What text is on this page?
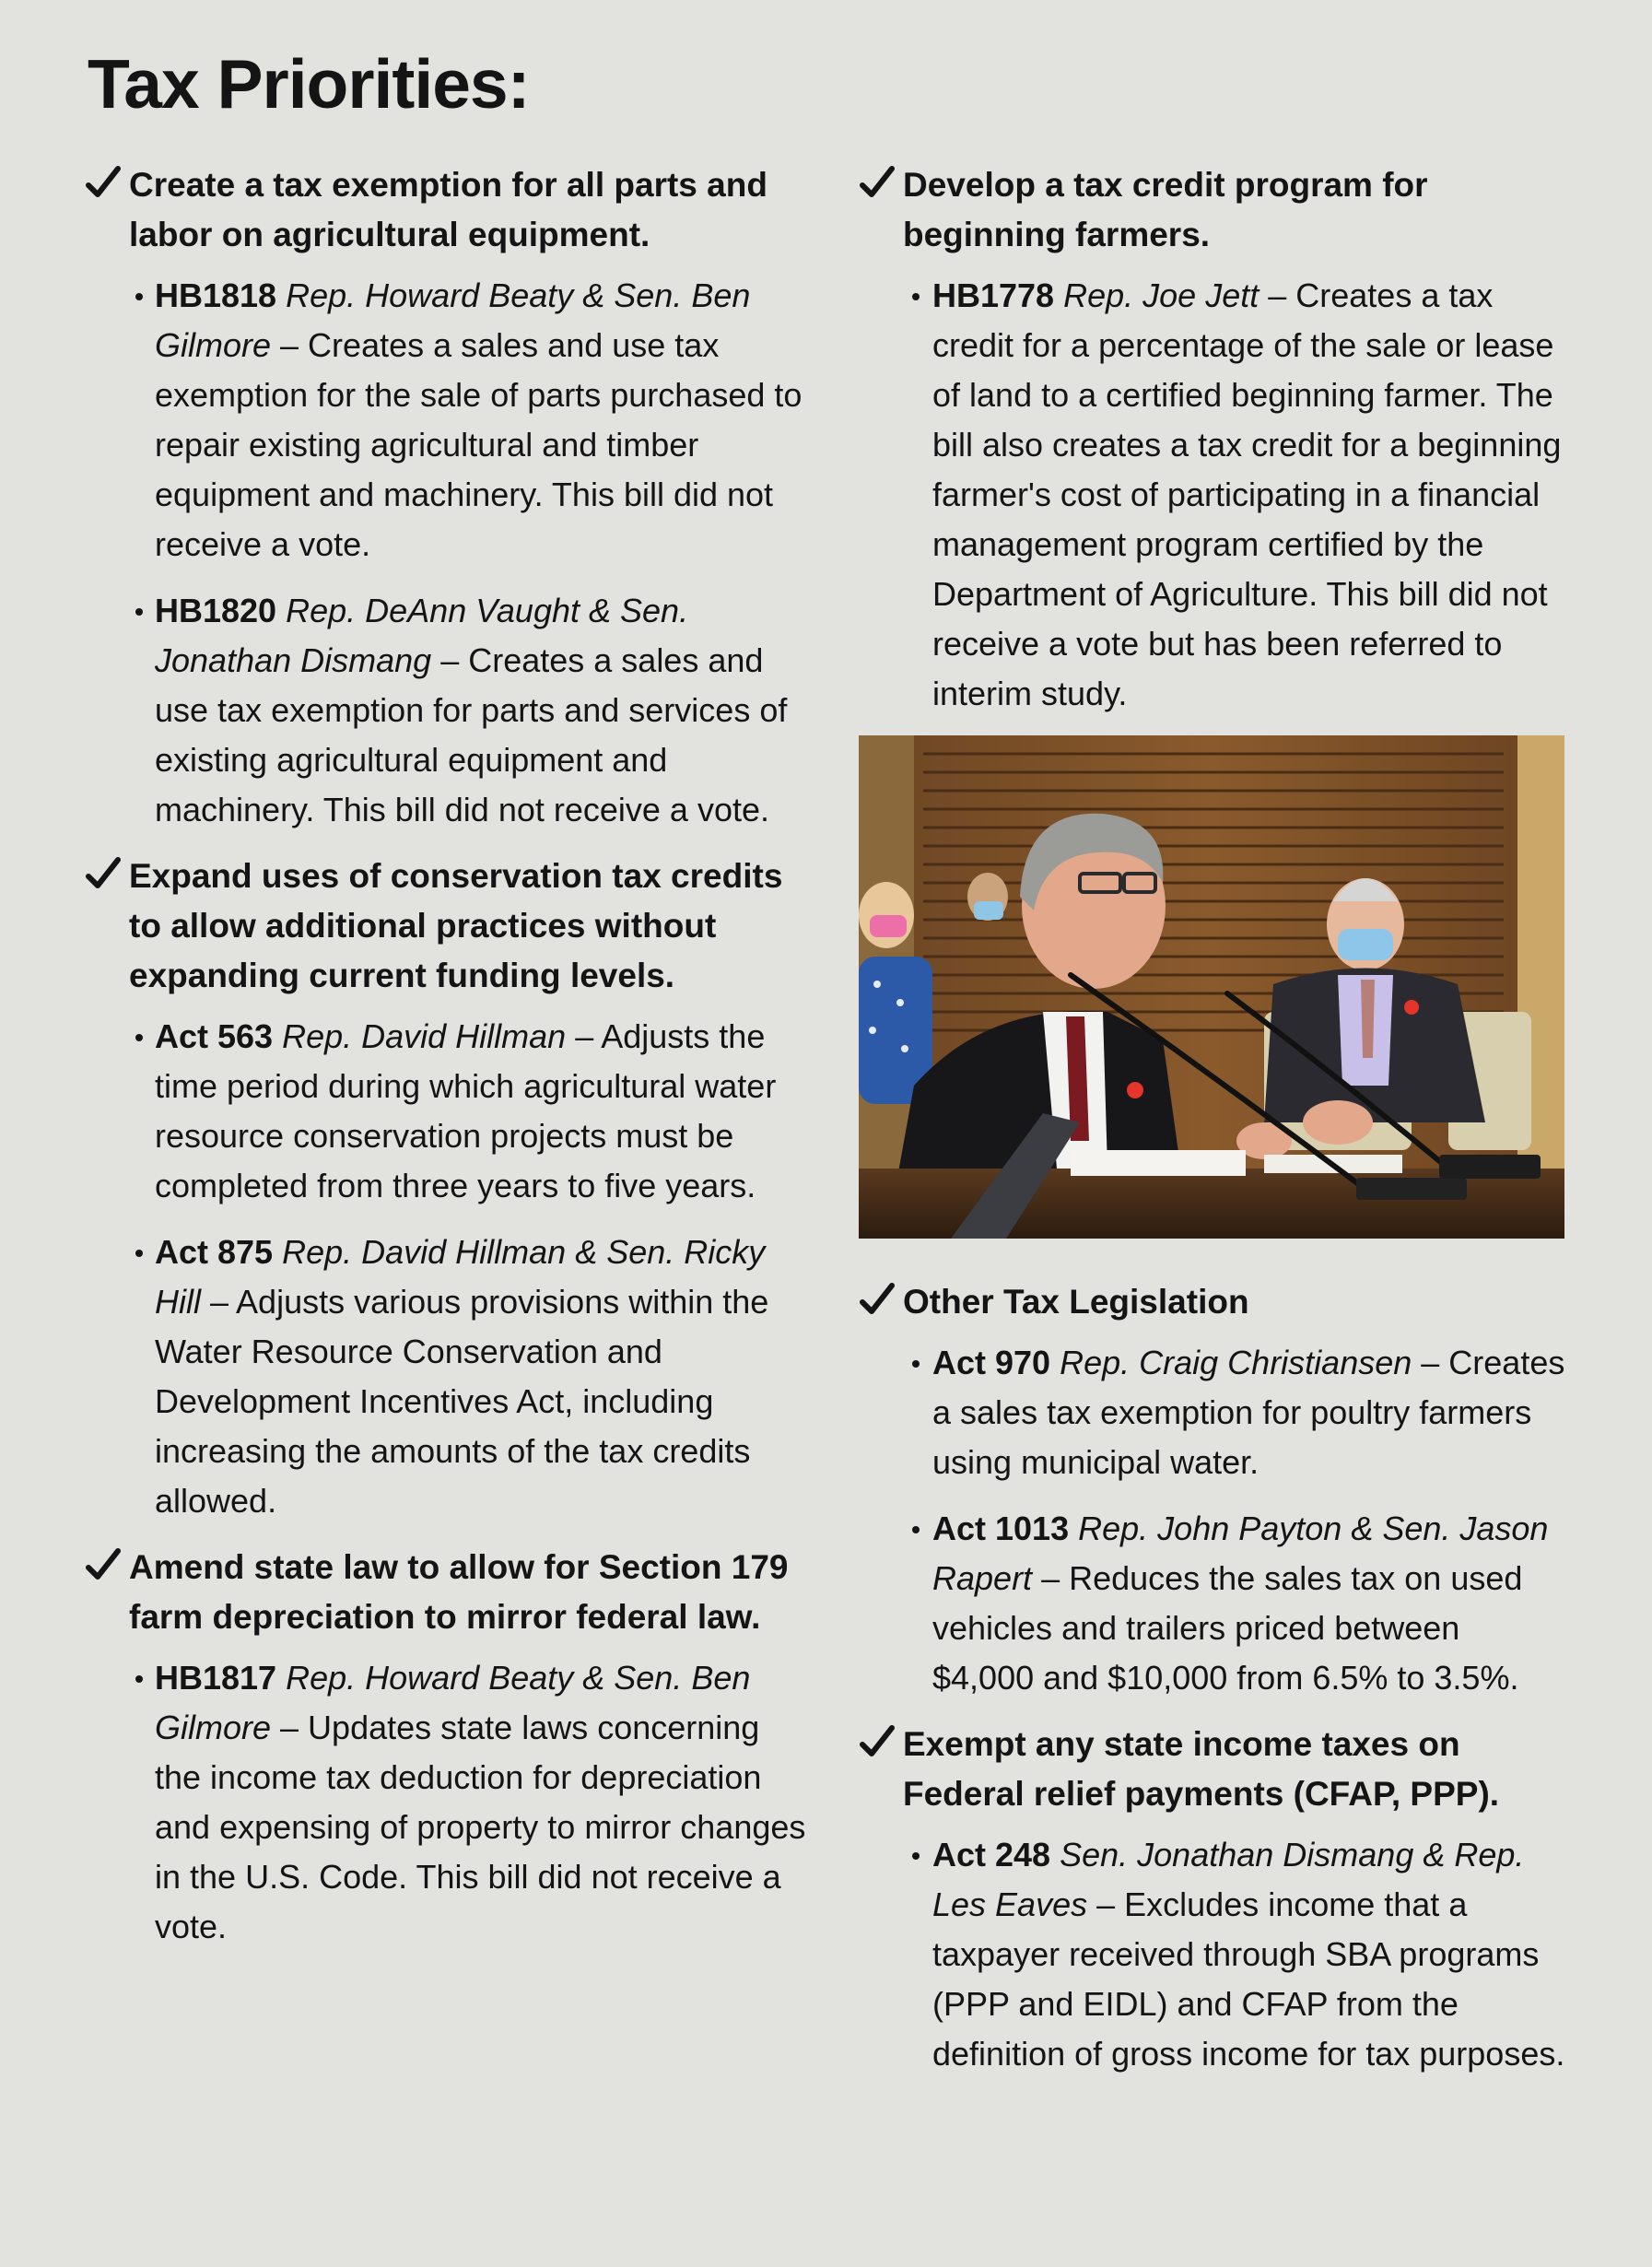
Tax Priorities:
Create a tax exemption for all parts and labor on agricultural equipment.
HB1818 Rep. Howard Beaty & Sen. Ben Gilmore – Creates a sales and use tax exemption for the sale of parts purchased to repair existing agricultural and timber equipment and machinery. This bill did not receive a vote.
HB1820 Rep. DeAnn Vaught & Sen. Jonathan Dismang – Creates a sales and use tax exemption for parts and services of existing agricultural equipment and machinery. This bill did not receive a vote.
Expand uses of conservation tax credits to allow additional practices without expanding current funding levels.
Act 563 Rep. David Hillman – Adjusts the time period during which agricultural water resource conservation projects must be completed from three years to five years.
Act 875 Rep. David Hillman & Sen. Ricky Hill – Adjusts various provisions within the Water Resource Conservation and Development Incentives Act, including increasing the amounts of the tax credits allowed.
Amend state law to allow for Section 179 farm depreciation to mirror federal law.
HB1817 Rep. Howard Beaty & Sen. Ben Gilmore – Updates state laws concerning the income tax deduction for depreciation and expensing of property to mirror changes in the U.S. Code. This bill did not receive a vote.
Develop a tax credit program for beginning farmers.
HB1778 Rep. Joe Jett – Creates a tax credit for a percentage of the sale or lease of land to a certified beginning farmer. The bill also creates a tax credit for a beginning farmer's cost of participating in a financial management program certified by the Department of Agriculture. This bill did not receive a vote but has been referred to interim study.
Other Tax Legislation
Act 970 Rep. Craig Christiansen – Creates a sales tax exemption for poultry farmers using municipal water.
Act 1013 Rep. John Payton & Sen. Jason Rapert – Reduces the sales tax on used vehicles and trailers priced between $4,000 and $10,000 from 6.5% to 3.5%.
Exempt any state income taxes on Federal relief payments (CFAP, PPP).
Act 248 Sen. Jonathan Dismang & Rep. Les Eaves – Excludes income that a taxpayer received through SBA programs (PPP and EIDL) and CFAP from the definition of gross income for tax purposes.
